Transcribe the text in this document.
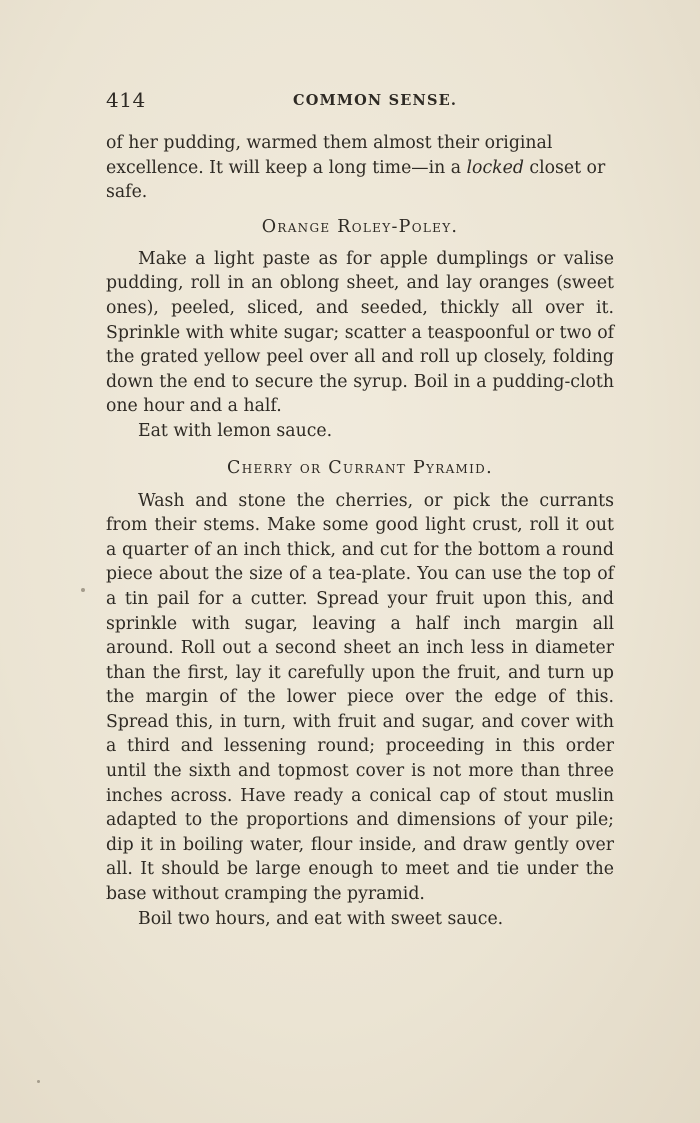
414	COMMON SENSE.

of her pudding, warmed them almost their original excellence. It will keep a long time—in a locked closet or safe.

Orange Roley-Poley.

Make a light paste as for apple dumplings or valise pudding, roll in an oblong sheet, and lay oranges (sweet ones), peeled, sliced, and seeded, thickly all over it. Sprinkle with white sugar; scatter a teaspoonful or two of the grated yellow peel over all and roll up closely, folding down the end to secure the syrup. Boil in a pudding-cloth one hour and a half.

Eat with lemon sauce.

Cherry or Currant Pyramid.

Wash and stone the cherries, or pick the currants from their stems. Make some good light crust, roll it out a quarter of an inch thick, and cut for the bottom a round piece about the size of a tea-plate. You can use the top of a tin pail for a cutter. Spread your fruit upon this, and sprinkle with sugar, leaving a half inch margin all around. Roll out a second sheet an inch less in diameter than the first, lay it carefully upon the fruit, and turn up the margin of the lower piece over the edge of this. Spread this, in turn, with fruit and sugar, and cover with a third and lessening round; proceeding in this order until the sixth and topmost cover is not more than three inches across. Have ready a conical cap of stout muslin adapted to the proportions and dimensions of your pile; dip it in boiling water, flour inside, and draw gently over all. It should be large enough to meet and tie under the base without cramping the pyramid.

Boil two hours, and eat with sweet sauce.
